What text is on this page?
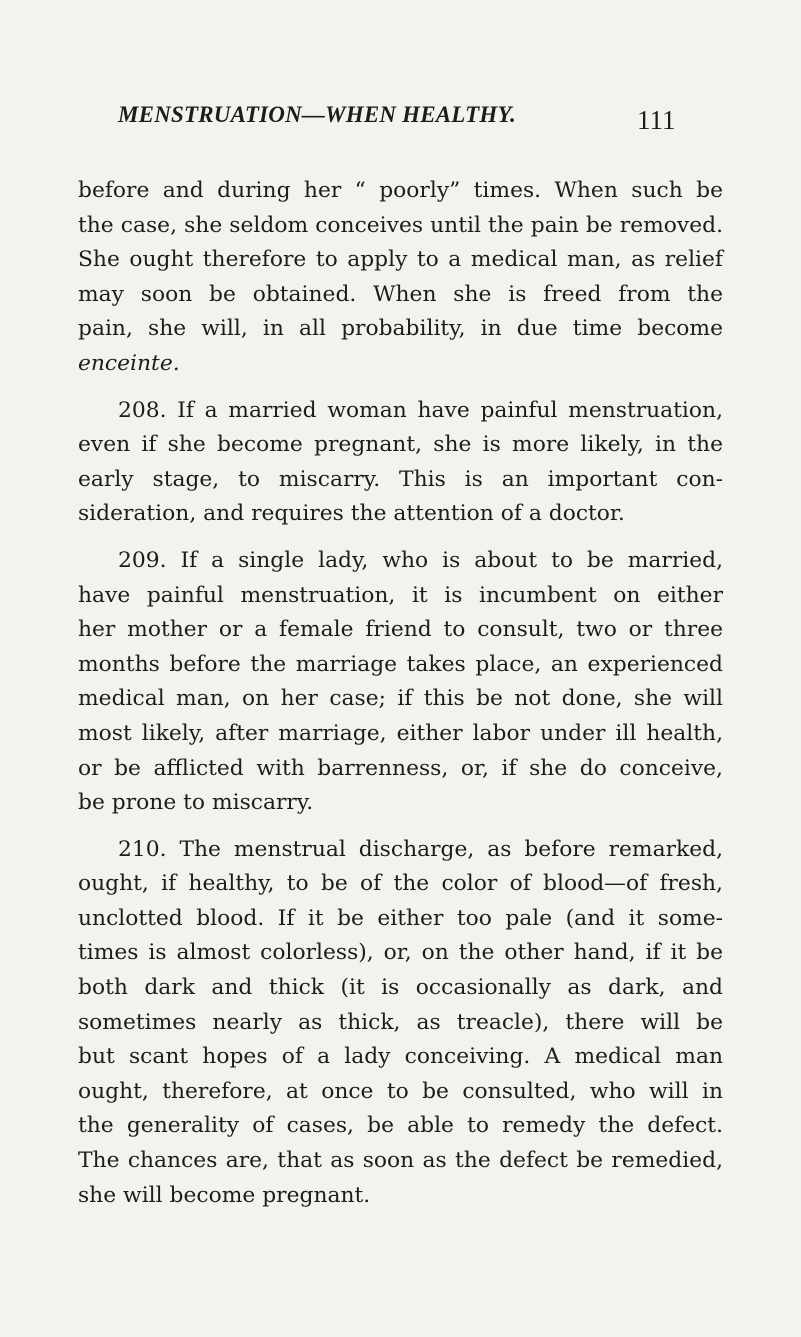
MENSTRUATION—WHEN HEALTHY.	111
before and during her “ poorly” times. When such be
the case, she seldom conceives until the pain be removed.
She ought therefore to apply to a medical man, as relief
may soon be obtained. When she is freed from the
pain, she will, in all probability, in due time become
enceinte.
208. If a married woman have painful menstruation,
even if she become pregnant, she is more likely, in the
early stage, to miscarry. This is an important con-
sideration, and requires the attention of a doctor.
209. If a single lady, who is about to be married,
have painful menstruation, it is incumbent on either
her mother or a female friend to consult, two or three
months before the marriage takes place, an experienced
medical man, on her case; if this be not done, she will
most likely, after marriage, either labor under ill health,
or be afflicted with barrenness, or, if she do conceive,
be prone to miscarry.
210. The menstrual discharge, as before remarked,
ought, if healthy, to be of the color of blood—of fresh,
unclotted blood. If it be either too pale (and it some-
times is almost colorless), or, on the other hand, if it be
both dark and thick (it is occasionally as dark, and
sometimes nearly as thick, as treacle), there will be
but scant hopes of a lady conceiving. A medical man
ought, therefore, at once to be consulted, who will in
the generality of cases, be able to remedy the defect.
The chances are, that as soon as the defect be remedied,
she will become pregnant.
